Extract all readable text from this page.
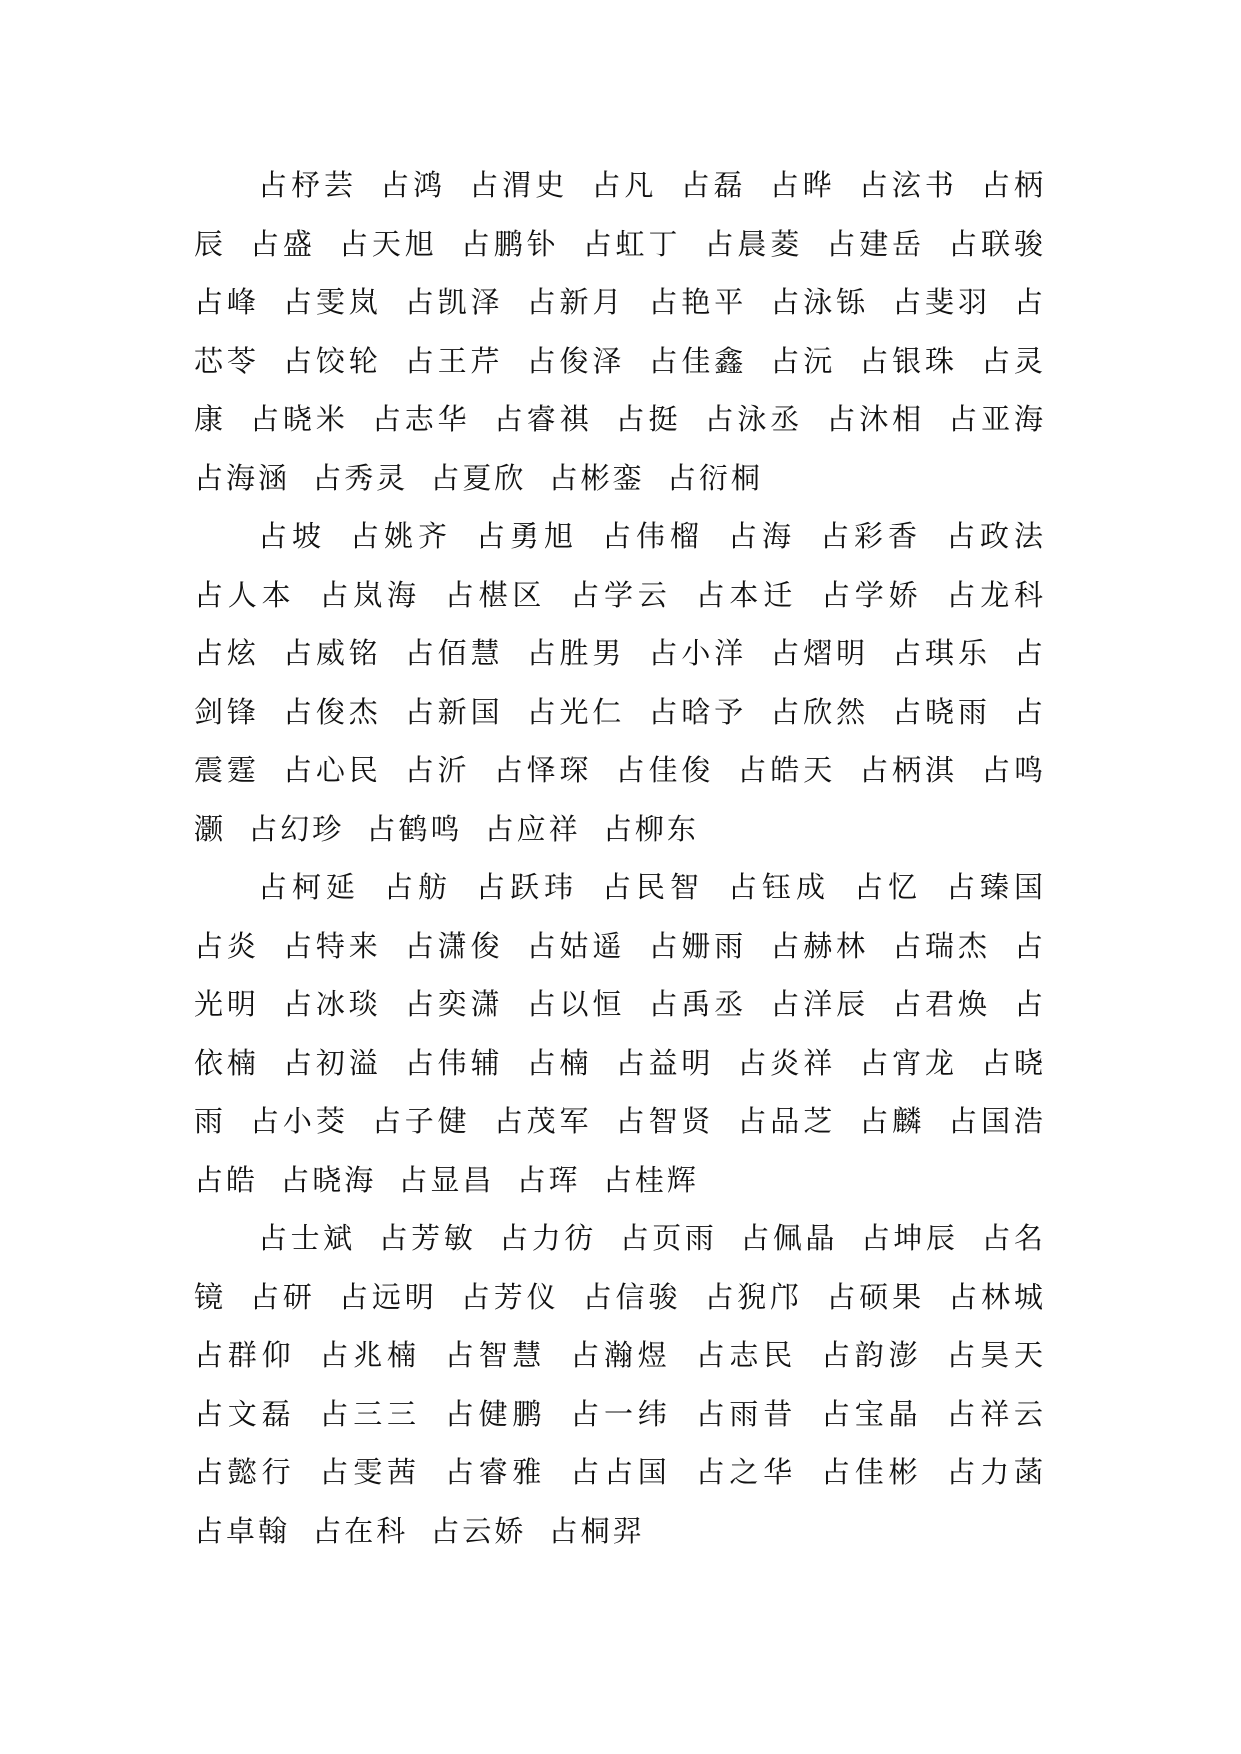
占杼芸 占鸿 占渭史 占凡 占磊 占晔 占泫书 占柄辰 占盛 占天旭 占鹏钋 占虹丁 占晨菱 占建岳 占联骏 占峰 占雯岚 占凯泽 占新月 占艳平 占泳铄 占斐羽 占芯苓 占饺轮 占王芹 占俊泽 占佳鑫 占沅 占银珠 占灵康 占晓米 占志华 占睿祺 占挺 占泳丞 占沐相 占亚海 占海涵 占秀灵 占夏欣 占彬銮 占衍桐

占坡 占姚齐 占勇旭 占伟榴 占海 占彩香 占政法 占人本 占岚海 占椹区 占学云 占本迁 占学娇 占龙科 占炫 占威铭 占佰慧 占胜男 占小洋 占熠明 占琪乐 占剑锋 占俊杰 占新国 占光仁 占晗予 占欣然 占晓雨 占震霆 占心民 占沂 占怿琛 占佳俊 占皓天 占柄淇 占鸣灏 占幻珍 占鹤鸣 占应祥 占柳东

占柯延 占舫 占跃玮 占民智 占钰成 占忆 占臻国 占炎 占特来 占潇俊 占姑遥 占姗雨 占赫林 占瑞杰 占光明 占冰琰 占奕潇 占以恒 占禹丞 占洋辰 占君焕 占依楠 占初溢 占伟辅 占楠 占益明 占炎祥 占宵龙 占晓雨 占小茭 占子健 占茂军 占智贤 占品芝 占麟 占国浩 占皓 占晓海 占显昌 占珲 占桂辉

占士斌 占芳敏 占力彷 占页雨 占佩晶 占坤辰 占名镜 占研 占远明 占芳仪 占信骏 占猊邝 占硕果 占林城 占群仰 占兆楠 占智慧 占瀚煜 占志民 占韵澎 占昊天 占文磊 占三三 占健鹏 占一纬 占雨昔 占宝晶 占祥云 占懿行 占雯茜 占睿雅 占占国 占之华 占佳彬 占力菡 占卓翰 占在科 占云娇 占桐羿
